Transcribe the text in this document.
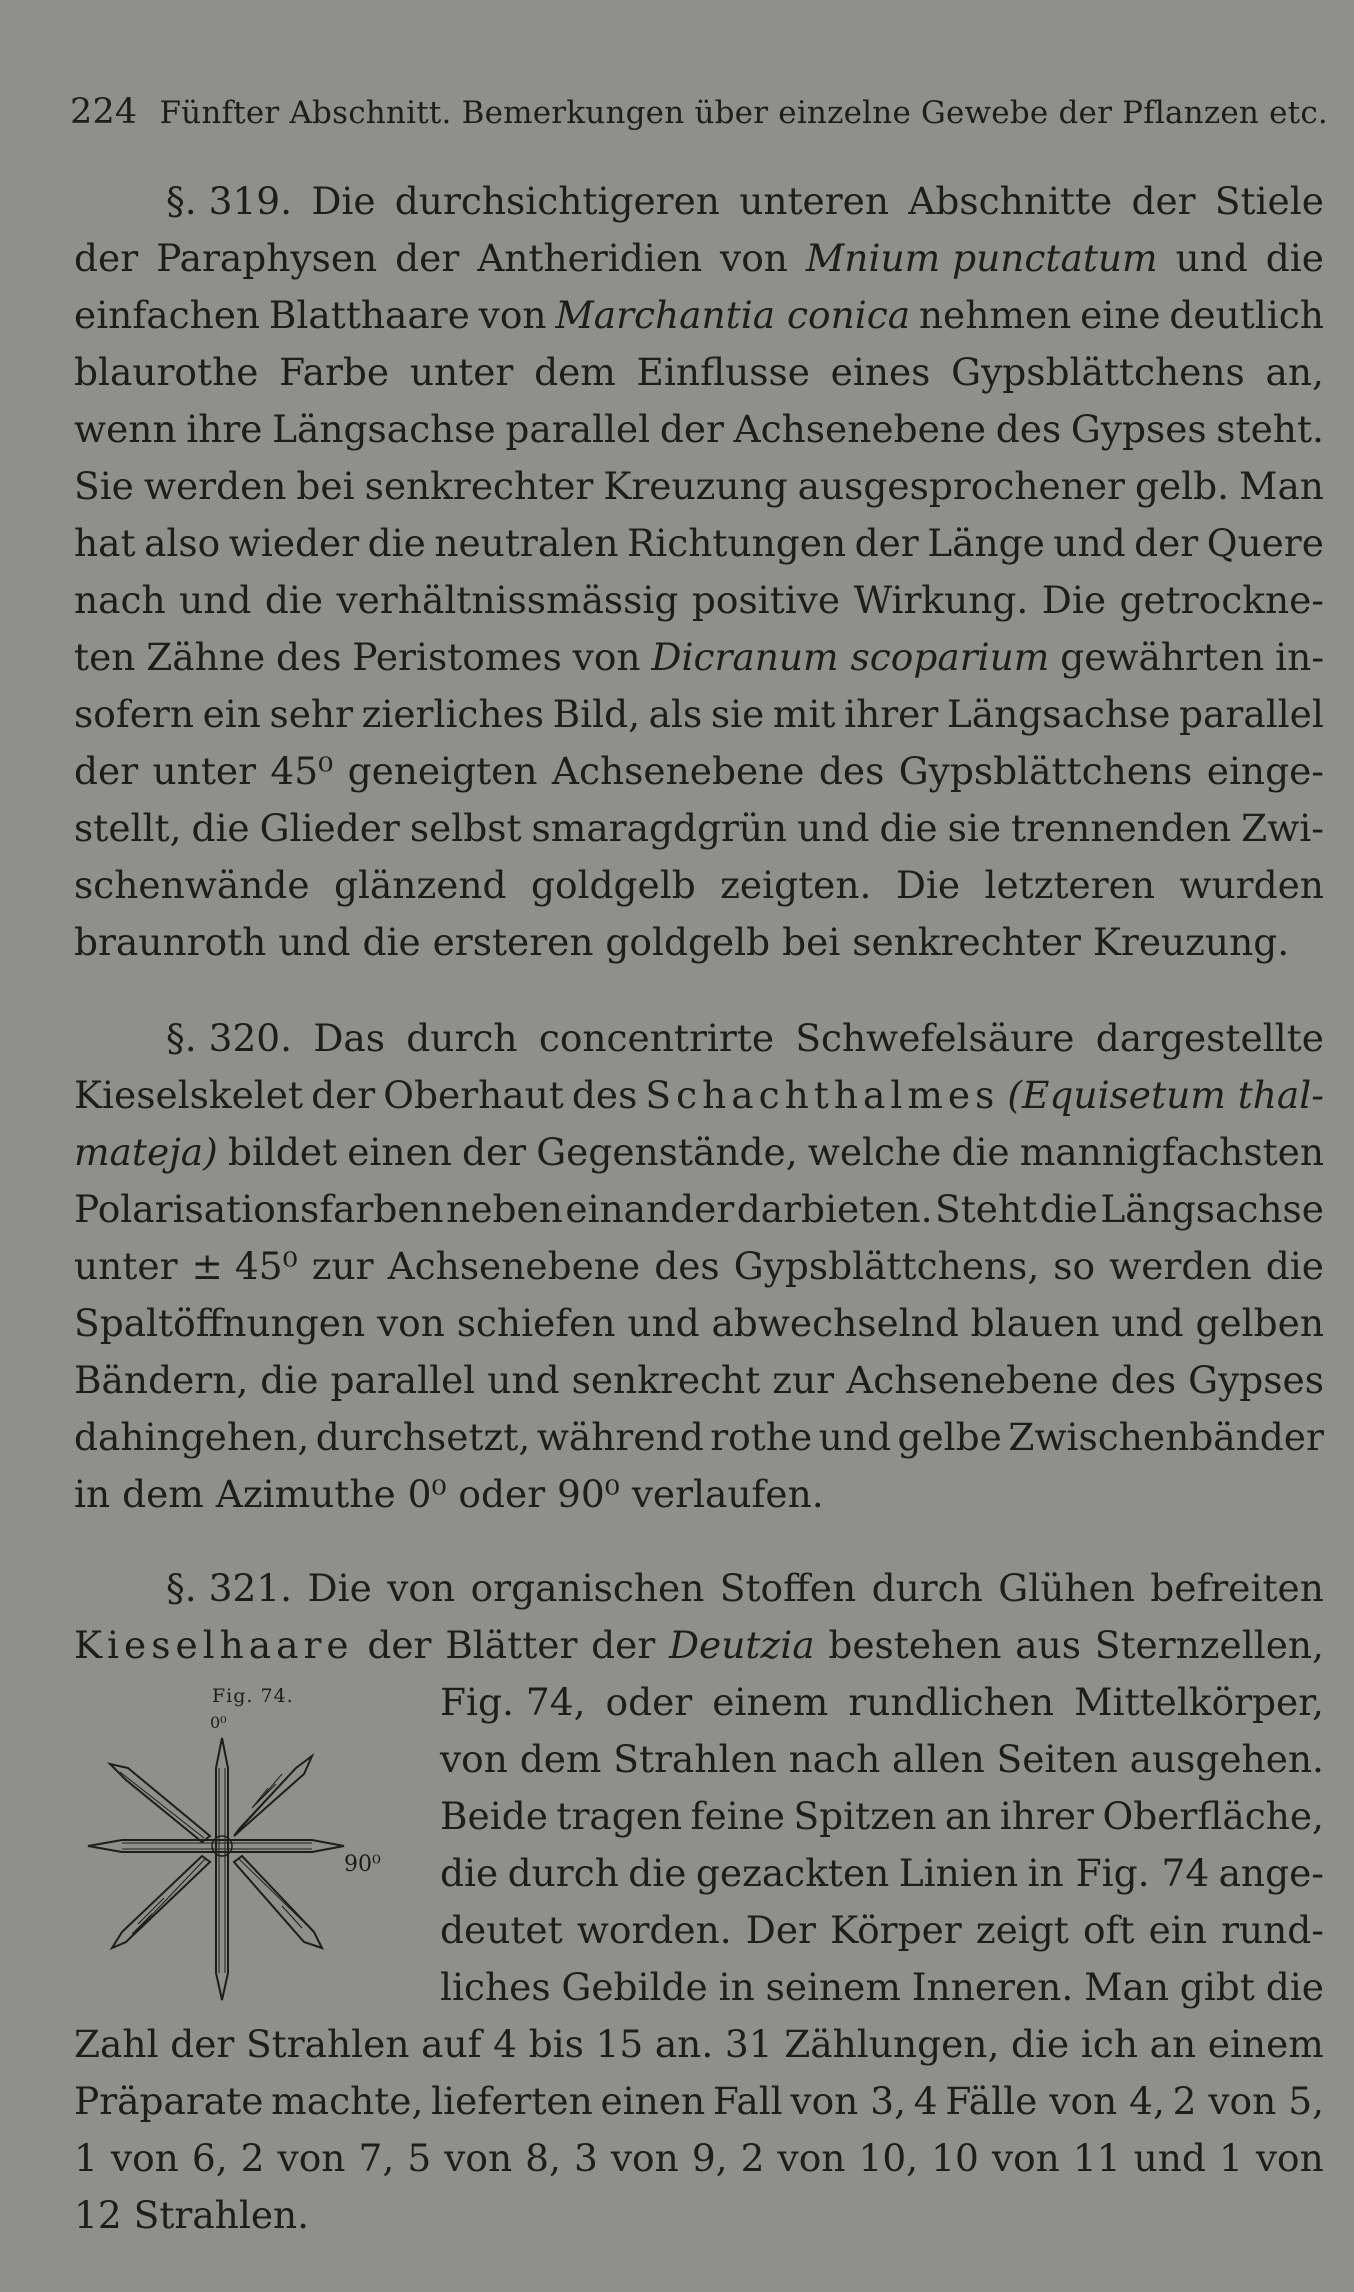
224 Fünfter Abschnitt. Bemerkungen über einzelne Gewebe der Pflanzen etc.
§. 319. Die durchsichtigeren unteren Abschnitte der Stiele
der Paraphysen der Antheridien von Mnium punctatum und die
einfachen Blatthaare von Marchantia conica nehmen eine deutlich
blaurothe Farbe unter dem Einflusse eines Gypsblättchens an,
wenn ihre Längsachse parallel der Achsenebene des Gypses steht.
Sie werden bei senkrechter Kreuzung ausgesprochener gelb. Man
hat also wieder die neutralen Richtungen der Länge und der Quere
nach und die verhältnissmässig positive Wirkung. Die getrockne-
ten Zähne des Peristomes von Dicranum scoparium gewährten in-
sofern ein sehr zierliches Bild, als sie mit ihrer Längsachse parallel
der unter 45⁰ geneigten Achsenebene des Gypsblättchens einge-
stellt, die Glieder selbst smaragdgrün und die sie trennenden Zwi-
schenwände glänzend goldgelb zeigten. Die letzteren wurden
braunroth und die ersteren goldgelb bei senkrechter Kreuzung.
§. 320. Das durch concentrirte Schwefelsäure dargestellte
Kieselskelet der Oberhaut des Schachthalmes (Equisetum thal-
mateja) bildet einen der Gegenstände, welche die mannigfachsten
Polarisationsfarben neben einander darbieten. Steht die Längsachse
unter ± 45⁰ zur Achsenebene des Gypsblättchens, so werden die
Spaltöffnungen von schiefen und abwechselnd blauen und gelben
Bändern, die parallel und senkrecht zur Achsenebene des Gypses
dahingehen, durchsetzt, während rothe und gelbe Zwischenbänder
in dem Azimuthe 0⁰ oder 90⁰ verlaufen.
§. 321. Die von organischen Stoffen durch Glühen befreiten
Kieselhaare der Blätter der Deutzia bestehen aus Sternzellen,
Fig. 74, oder einem rundlichen Mittelkörper,
von dem Strahlen nach allen Seiten ausgehen.
Beide tragen feine Spitzen an ihrer Oberfläche,
die durch die gezackten Linien in Fig. 74 ange-
deutet worden. Der Körper zeigt oft ein rund-
liches Gebilde in seinem Inneren. Man gibt die
Zahl der Strahlen auf 4 bis 15 an. 31 Zählungen, die ich an einem
Präparate machte, lieferten einen Fall von 3, 4 Fälle von 4, 2 von 5,
1 von 6, 2 von 7, 5 von 8, 3 von 9, 2 von 10, 10 von 11 und 1 von
12 Strahlen.
Fig. 74.
0⁰
90⁰
